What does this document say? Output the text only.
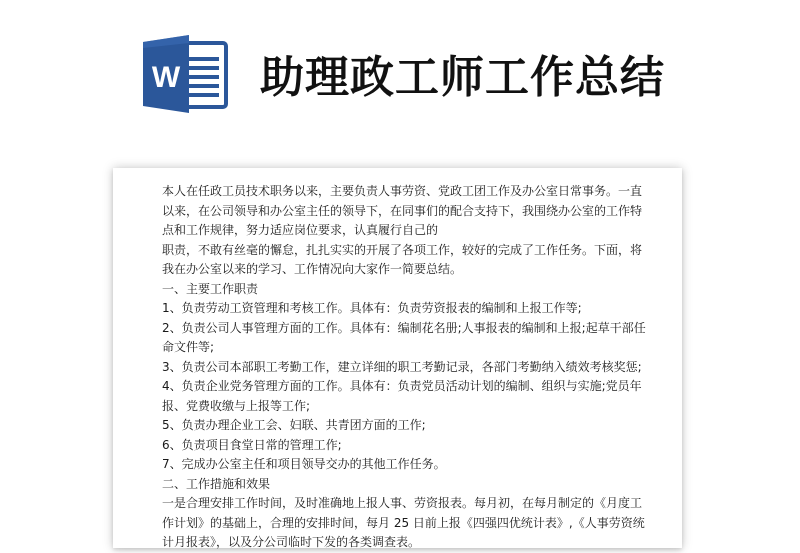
W 助理政工师工作总结
本人在任政工员技术职务以来，主要负责人事劳资、党政工团工作及办公室日常事务。一直
以来，在公司领导和办公室主任的领导下，在同事们的配合支持下，我围绕办公室的工作特
点和工作规律，努力适应岗位要求，认真履行自己的
职责，不敢有丝毫的懈怠，扎扎实实的开展了各项工作，较好的完成了工作任务。下面，将
我在办公室以来的学习、工作情况向大家作一简要总结。
一、主要工作职责
1、负责劳动工资管理和考核工作。具体有：负责劳资报表的编制和上报工作等;
2、负责公司人事管理方面的工作。具体有：编制花名册;人事报表的编制和上报;起草干部任
命文件等;
3、负责公司本部职工考勤工作，建立详细的职工考勤记录，各部门考勤纳入绩效考核奖惩;
4、负责企业党务管理方面的工作。具体有：负责党员活动计划的编制、组织与实施;党员年
报、党费收缴与上报等工作;
5、负责办理企业工会、妇联、共青团方面的工作;
6、负责项目食堂日常的管理工作;
7、完成办公室主任和项目领导交办的其他工作任务。
二、工作措施和效果
一是合理安排工作时间，及时准确地上报人事、劳资报表。每月初，在每月制定的《月度工
作计划》的基础上，合理的安排时间，每月 25 日前上报《四强四优统计表》,《人事劳资统
计月报表》，以及分公司临时下发的各类调查表。
